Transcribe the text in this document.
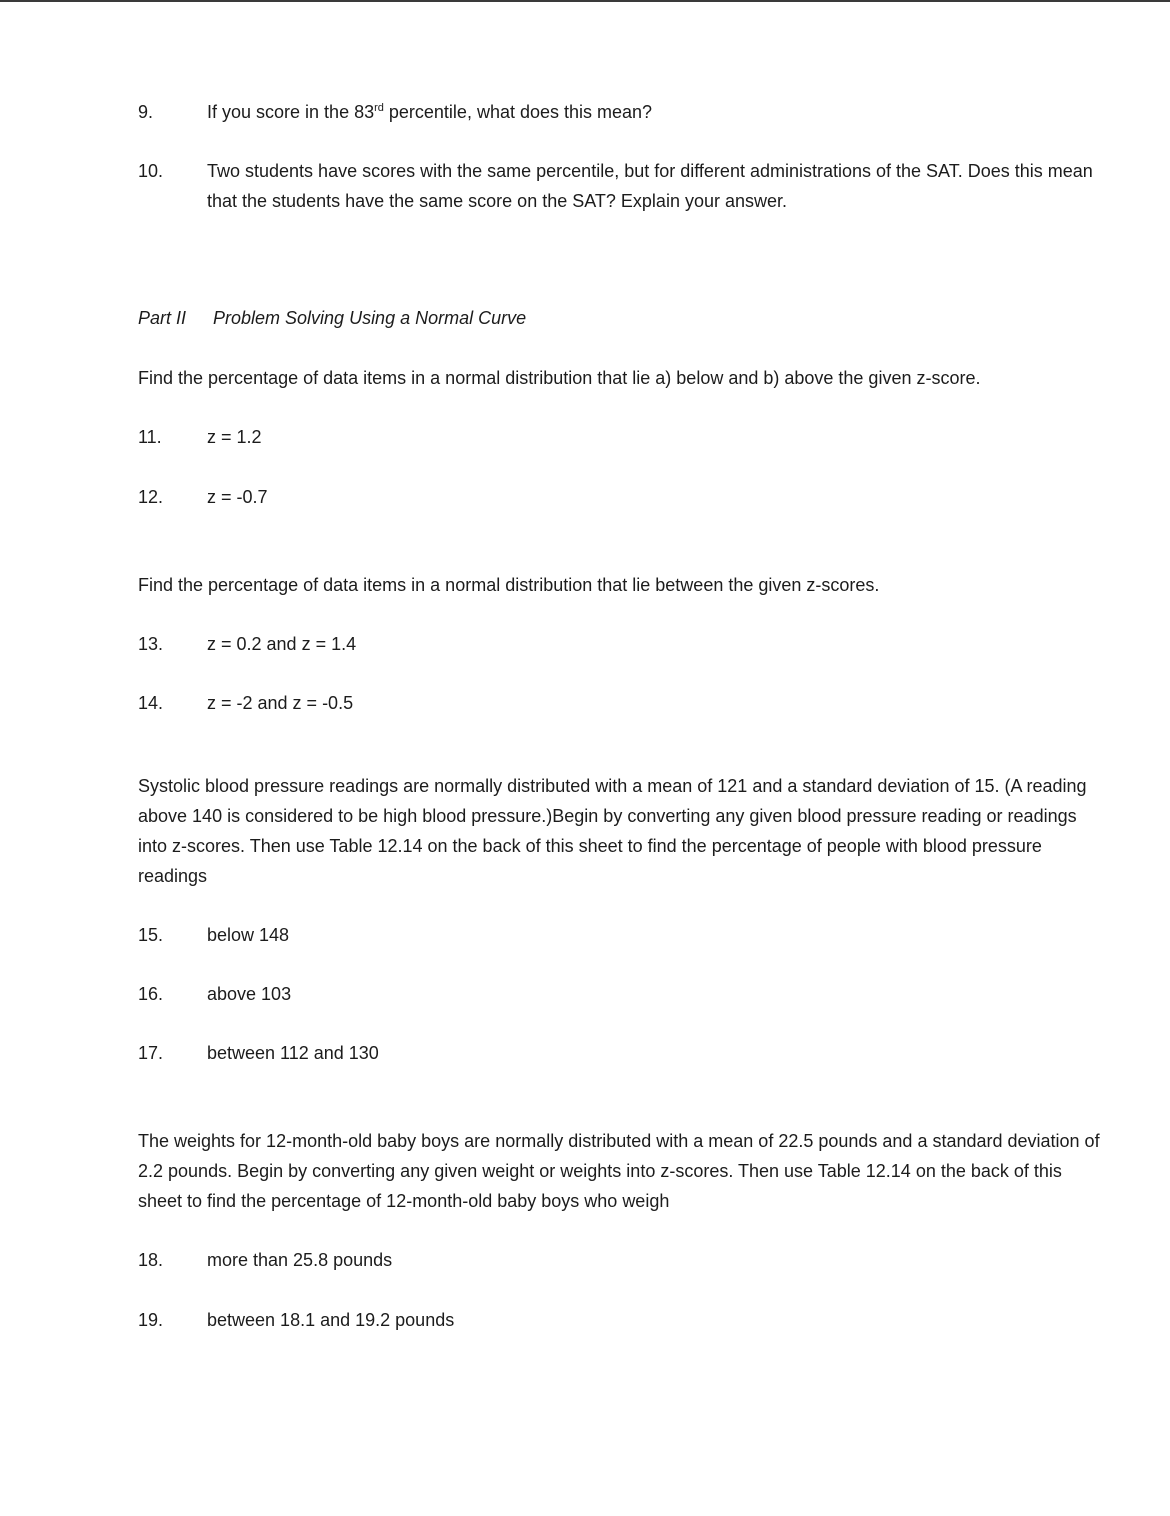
9.	If you score in the 83rd percentile, what does this mean?
10.	Two students have scores with the same percentile, but for different administrations of the SAT. Does this mean that the students have the same score on the SAT? Explain your answer.
Part II Problem Solving Using a Normal Curve
Find the percentage of data items in a normal distribution that lie a) below and b) above the given z-score.
11.	z = 1.2
12.	z = -0.7
Find the percentage of data items in a normal distribution that lie between the given z-scores.
13.	z = 0.2 and z = 1.4
14.	z = -2 and z = -0.5
Systolic blood pressure readings are normally distributed with a mean of 121 and a standard deviation of 15. (A reading above 140 is considered to be high blood pressure.)Begin by converting any given blood pressure reading or readings into z-scores. Then use Table 12.14 on the back of this sheet to find the percentage of people with blood pressure readings
15.	below 148
16.	above 103
17.	between 112 and 130
The weights for 12-month-old baby boys are normally distributed with a mean of 22.5 pounds and a standard deviation of 2.2 pounds. Begin by converting any given weight or weights into z-scores. Then use Table 12.14 on the back of this sheet to find the percentage of 12-month-old baby boys who weigh
18.	more than 25.8 pounds
19.	between 18.1 and 19.2 pounds
